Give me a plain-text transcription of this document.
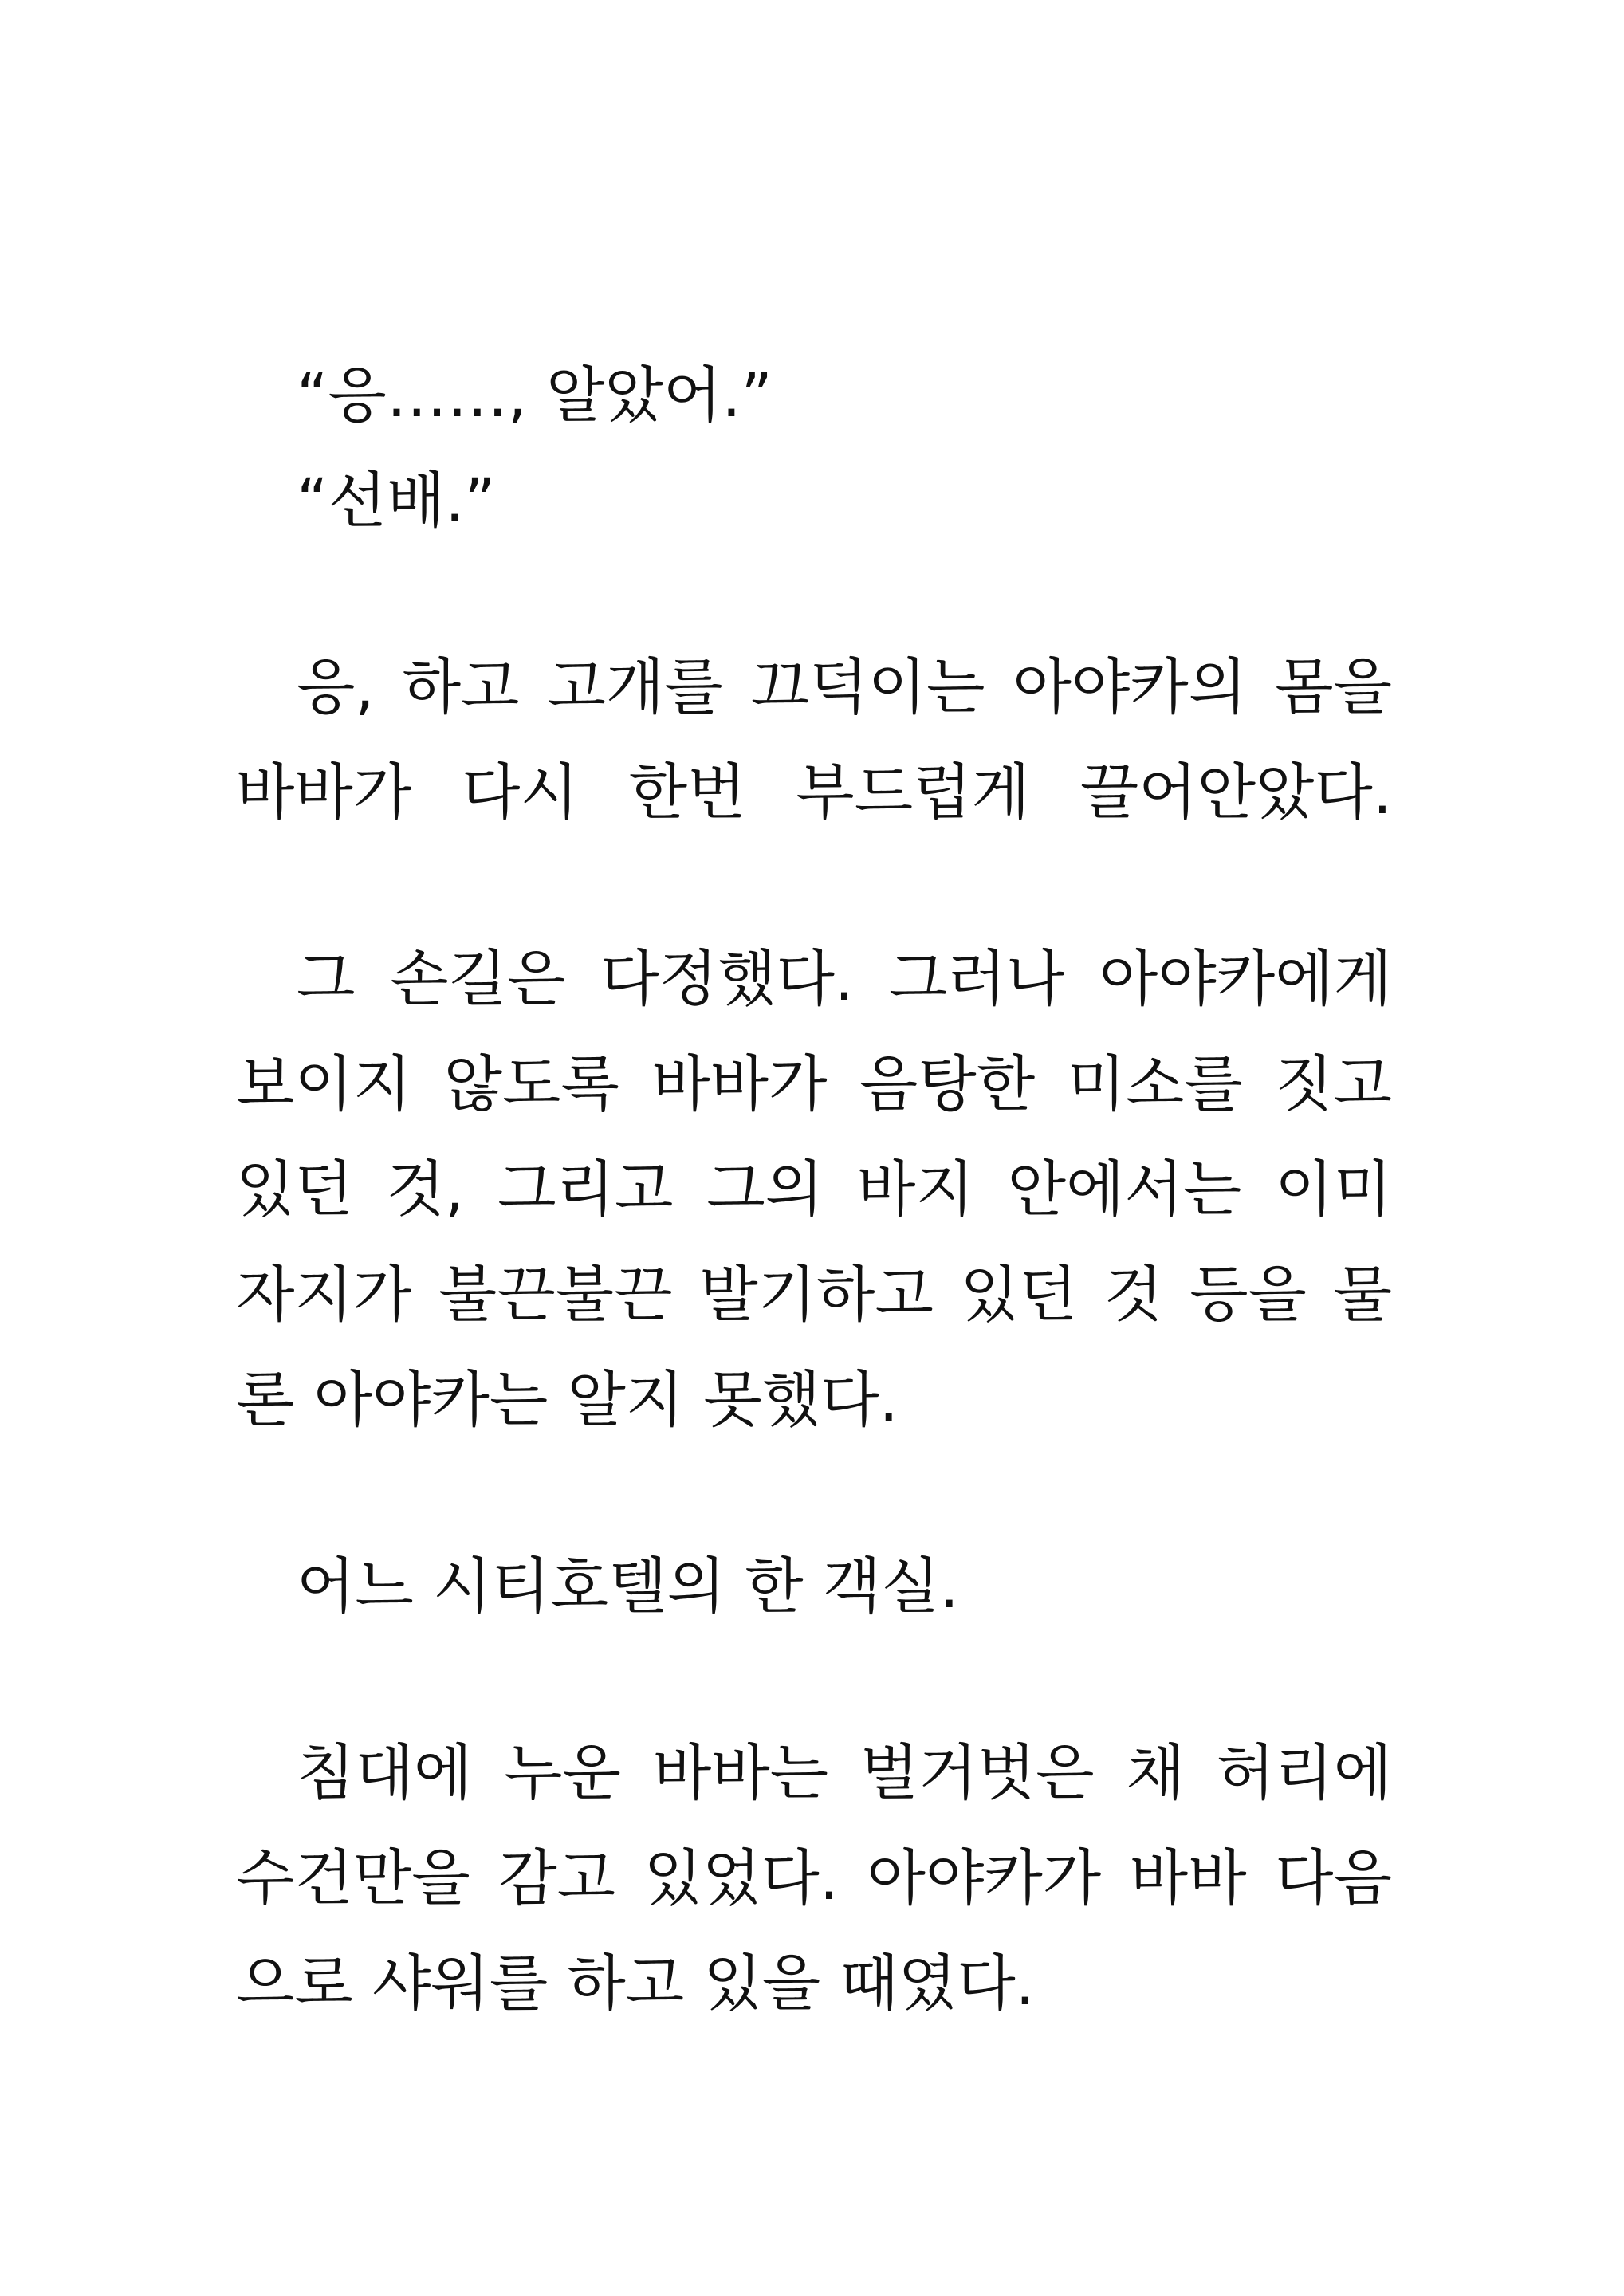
“응……, 알았어.”
“선배.”
응, 하고 고개를 끄덕이는 아야카의 몸을
바바가 다시 한번 부드럽게 끌어안았다.
그 손길은 다정했다. 그러나 아야카에게
보이지 않도록 바바가 음탕한 미소를 짓고
있던 것, 그리고 그의 바지 안에서는 이미
자지가 불끈불끈 발기하고 있던 것 등을 물
론 아야카는 알지 못했다.
어느 시티호텔의 한 객실.
침대에 누운 바바는 벌거벗은 채 허리에
수건만을 감고 있었다. 아야카가 바바 다음
으로 샤워를 하고 있을 때였다.
